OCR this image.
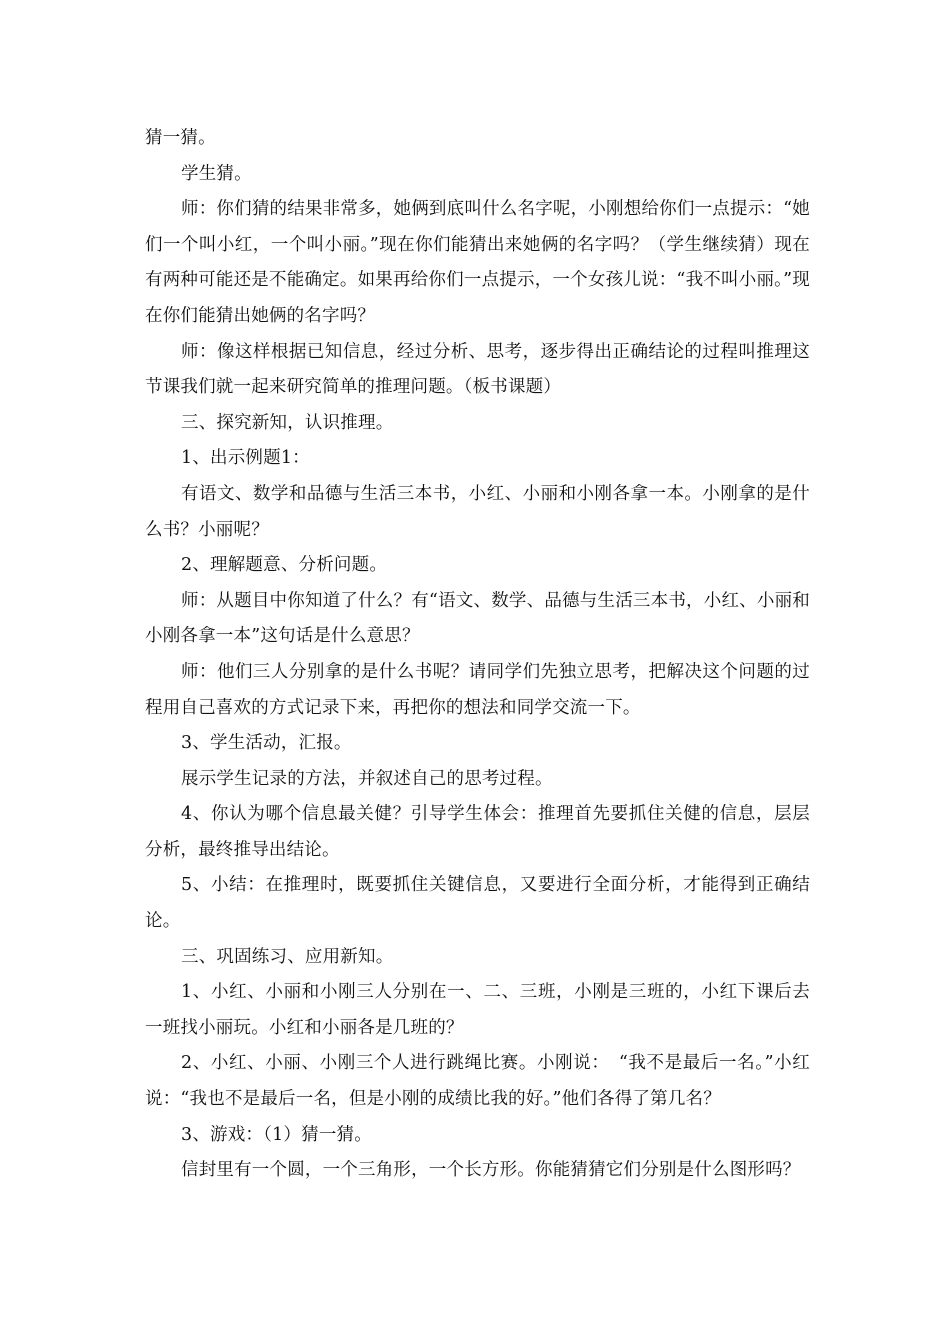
猜一猜。

学生猜。

师：你们猜的结果非常多，她俩到底叫什么名字呢，小刚想给你们一点提示：“她们一个叫小红，一个叫小丽。”现在你们能猜出来她俩的名字吗？（学生继续猜）现在有两种可能还是不能确定。如果再给你们一点提示，一个女孩儿说：“我不叫小丽。”现在你们能猜出她俩的名字吗？

师：像这样根据已知信息，经过分析、思考，逐步得出正确结论的过程叫推理这节课我们就一起来研究简单的推理问题。（板书课题）

三、探究新知，认识推理。

1、出示例题1：

有语文、数学和品德与生活三本书，小红、小丽和小刚各拿一本。小刚拿的是什么书？小丽呢？

2、理解题意、分析问题。

师：从题目中你知道了什么？有“语文、数学、品德与生活三本书，小红、小丽和小刚各拿一本”这句话是什么意思？

师：他们三人分别拿的是什么书呢？请同学们先独立思考，把解决这个问题的过程用自己喜欢的方式记录下来，再把你的想法和同学交流一下。

3、学生活动，汇报。

展示学生记录的方法，并叙述自己的思考过程。

4、你认为哪个信息最关健？引导学生体会：推理首先要抓住关健的信息，层层分析，最终推导出结论。

5、小结：在推理时，既要抓住关键信息，又要进行全面分析，才能得到正确结论。

三、巩固练习、应用新知。

1、小红、小丽和小刚三人分别在一、二、三班，小刚是三班的，小红下课后去一班找小丽玩。小红和小丽各是几班的？

2、小红、小丽、小刚三个人进行跳绳比赛。小刚说：　“我不是最后一名。”小红说：“我也不是最后一名，但是小刚的成绩比我的好。”他们各得了第几名？

3、游戏：（1）猜一猜。

信封里有一个圆，一个三角形，一个长方形。你能猜猜它们分别是什么图形吗？
